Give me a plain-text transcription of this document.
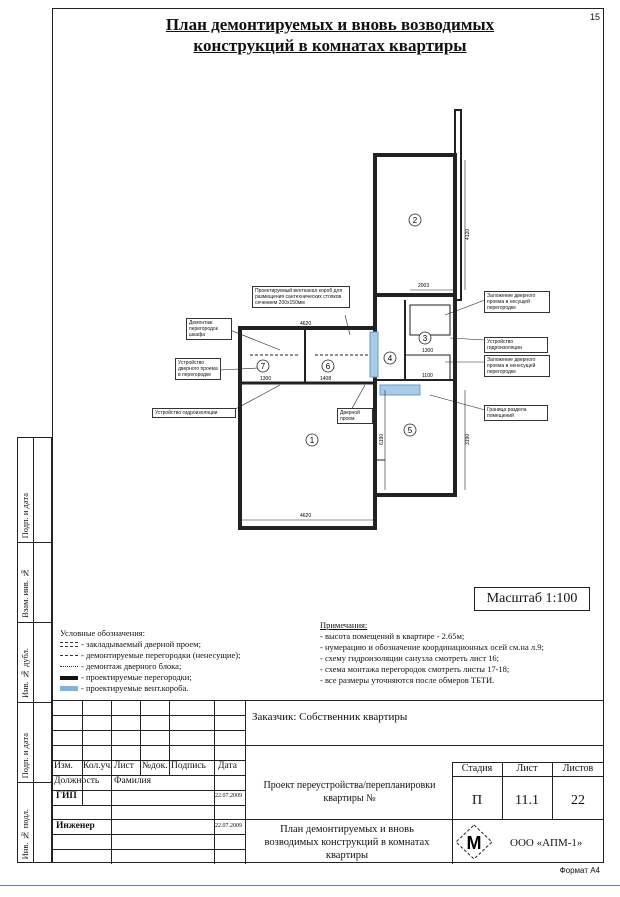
15
План демонтируемых и вновь возводимых
конструкций в комнатах квартиры
1
2
3
4
5
6
7
4620
4620
2003
1300
1100
1300	1408
3190
6190
4120
Демонтаж перегородок шкафа
Устройство дверного проема в перегородке
Устройство гидроизоляции
Проектируемый вентканал короб для размещения сантехнических стояков сечением 200х150мм
Заложение дверного проема в несущей перегородке
Устройство гидроизоляции
Заложение дверного проема в ненесущей перегородке
Граница раздела помещений
Дверной проем
Масштаб 1:100
Условные обозначения:
- закладываемый дверной проем;
- демонтируемые перегородки (ненесущие);
- демонтаж дверного блока;
- проектируемые перегородки;
- проектируемые вент.короба.
Примечания:
- высота помещений в квартире - 2.65м;
- нумерацию и обозначение координационных осей см.на л.9;
- схему гидроизоляции санузла смотреть лист 16;
- схема монтажа перегородок смотреть листы 17-18;
- все размеры уточняются после обмеров ТБТИ.
Подп. и дата
Взам. инв. №
Инв. № дубл.
Подп. и дата
Инв. № подл.
Заказчик: Собственник квартиры
Изм. Кол.уч. Лист №док. Подпись Дата
Должность Фамилия
ГИП	22.07.2009
Инженер	22.07.2009
Проект переустройства/перепланировки квартиры №
План демонтируемых и вновь возводимых конструкций в комнатах квартиры
Стадия	Лист	Листов
П	11.1	22
М	ООО «АПМ-1»
Формат А4
